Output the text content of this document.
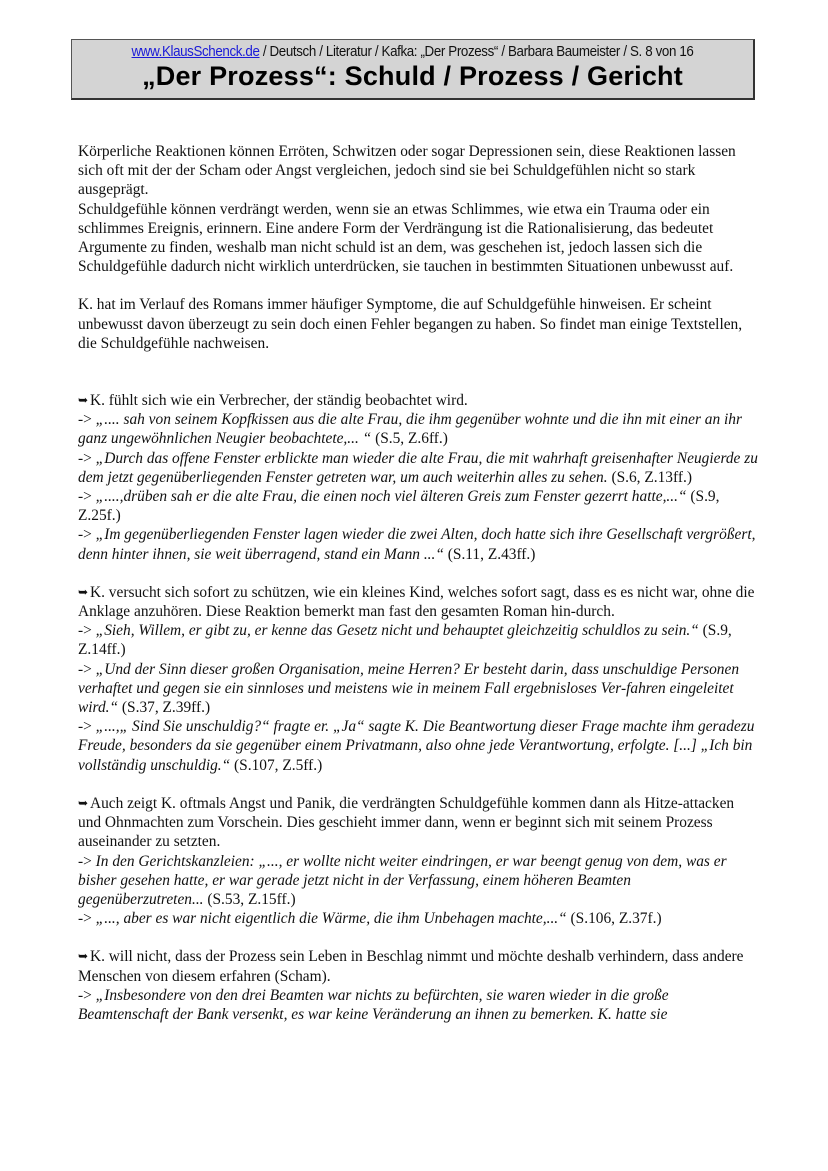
www.KlausSchenck.de / Deutsch / Literatur / Kafka: „Der Prozess“ / Barbara Baumeister / S. 8 von 16
„Der Prozess“: Schuld / Prozess / Gericht

Körperliche Reaktionen können Erröten, Schwitzen oder sogar Depressionen sein, diese Reaktionen lassen sich oft mit der der Scham oder Angst vergleichen, jedoch sind sie bei Schuldgefühlen nicht so stark ausgeprägt.

Schuldgefühle können verdrängt werden, wenn sie an etwas Schlimmes, wie etwa ein Trauma oder ein schlimmes Ereignis, erinnern. Eine andere Form der Verdrängung ist die Rationalisierung, das bedeutet Argumente zu finden, weshalb man nicht schuld ist an dem, was geschehen ist, jedoch lassen sich die Schuldgefühle dadurch nicht wirklich unterdrücken, sie tauchen in bestimmten Situationen unbewusst auf.

K. hat im Verlauf des Romans immer häufiger Symptome, die auf Schuldgefühle hinweisen. Er scheint unbewusst davon überzeugt zu sein doch einen Fehler begangen zu haben. So findet man einige Textstellen, die Schuldgefühle nachweisen.

➥ K. fühlt sich wie ein Verbrecher, der ständig beobachtet wird.

-> „.... sah von seinem Kopfkissen aus die alte Frau, die ihm gegenüber wohnte und die ihn mit einer an ihr ganz ungewöhnlichen Neugier beobachtete,... “ (S.5, Z.6ff.)

-> „Durch das offene Fenster erblickte man wieder die alte Frau, die mit wahrhaft greisenhafter Neugierde zu dem jetzt gegenüberliegenden Fenster getreten war, um auch weiterhin alles zu sehen. (S.6, Z.13ff.)

-> „....,drüben sah er die alte Frau, die einen noch viel älteren Greis zum Fenster gezerrt hatte,...“ (S.9, Z.25f.)

-> „Im gegenüberliegenden Fenster lagen wieder die zwei Alten, doch hatte sich ihre Gesellschaft vergrößert, denn hinter ihnen, sie weit überragend, stand ein Mann ...“ (S.11, Z.43ff.)

➥ K. versucht sich sofort zu schützen, wie ein kleines Kind, welches sofort sagt, dass es es nicht war, ohne die Anklage anzuhören. Diese Reaktion bemerkt man fast den gesamten Roman hin-durch.

-> „Sieh, Willem, er gibt zu, er kenne das Gesetz nicht und behauptet gleichzeitig schuldlos zu sein.“ (S.9, Z.14ff.)

-> „Und der Sinn dieser großen Organisation, meine Herren? Er besteht darin, dass unschuldige Personen verhaftet und gegen sie ein sinnloses und meistens wie in meinem Fall ergebnisloses Ver-fahren eingeleitet wird.“ (S.37, Z.39ff.)

-> „...,„ Sind Sie unschuldig?“ fragte er. „Ja“ sagte K. Die Beantwortung dieser Frage machte ihm geradezu Freude, besonders da sie gegenüber einem Privatmann, also ohne jede Verantwortung, erfolgte. [...] „Ich bin vollständig unschuldig.“ (S.107, Z.5ff.)

➥ Auch zeigt K. oftmals Angst und Panik, die verdrängten Schuldgefühle kommen dann als Hitze-attacken und Ohnmachten zum Vorschein. Dies geschieht immer dann, wenn er beginnt sich mit seinem Prozess auseinander zu setzten.

-> In den Gerichtskanzleien: „..., er wollte nicht weiter eindringen, er war beengt genug von dem, was er bisher gesehen hatte, er war gerade jetzt nicht in der Verfassung, einem höheren Beamten gegenüberzutreten... (S.53, Z.15ff.)

-> „..., aber es war nicht eigentlich die Wärme, die ihm Unbehagen machte,...“ (S.106, Z.37f.)

➥ K. will nicht, dass der Prozess sein Leben in Beschlag nimmt und möchte deshalb verhindern, dass andere Menschen von diesem erfahren (Scham).

-> „Insbesondere von den drei Beamten war nichts zu befürchten, sie waren wieder in die große Beamtenschaft der Bank versenkt, es war keine Veränderung an ihnen zu bemerken. K. hatte sie
